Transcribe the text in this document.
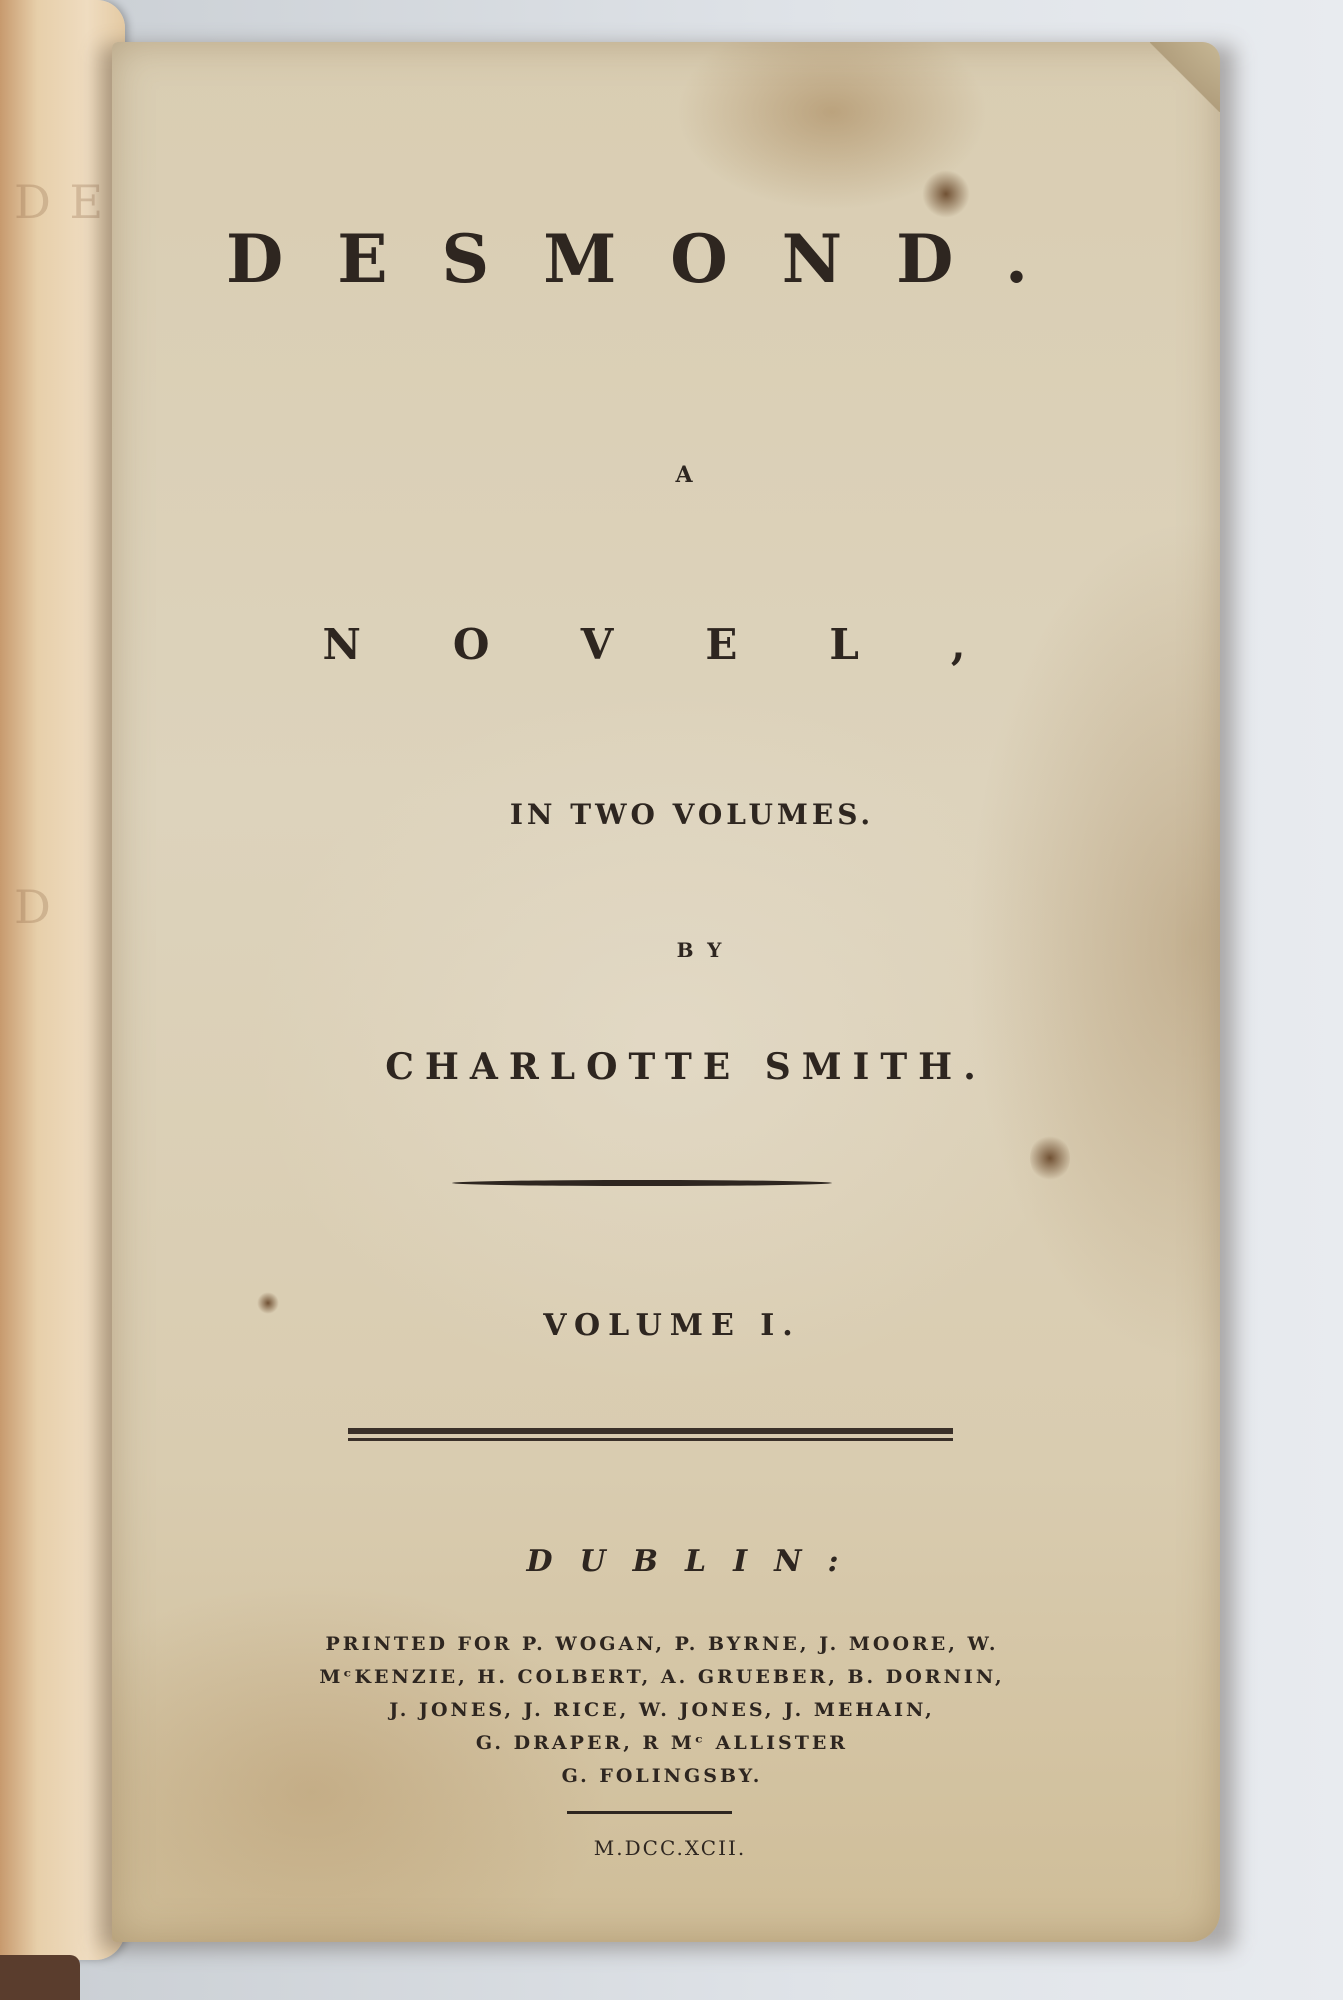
D E
D
DESMOND.
A
NOVEL,
IN TWO VOLUMES.
BY
CHARLOTTE SMITH.
VOLUME I.
DUBLIN:
PRINTED FOR P. WOGAN, P. BYRNE, J. MOORE, W.
MᶜKENZIE, H. COLBERT, A. GRUEBER, B. DORNIN,
J. JONES, J. RICE, W. JONES, J. MEHAIN,
G. DRAPER, R Mᶜ ALLISTER
G. FOLINGSBY.
M.DCC.XCII.
